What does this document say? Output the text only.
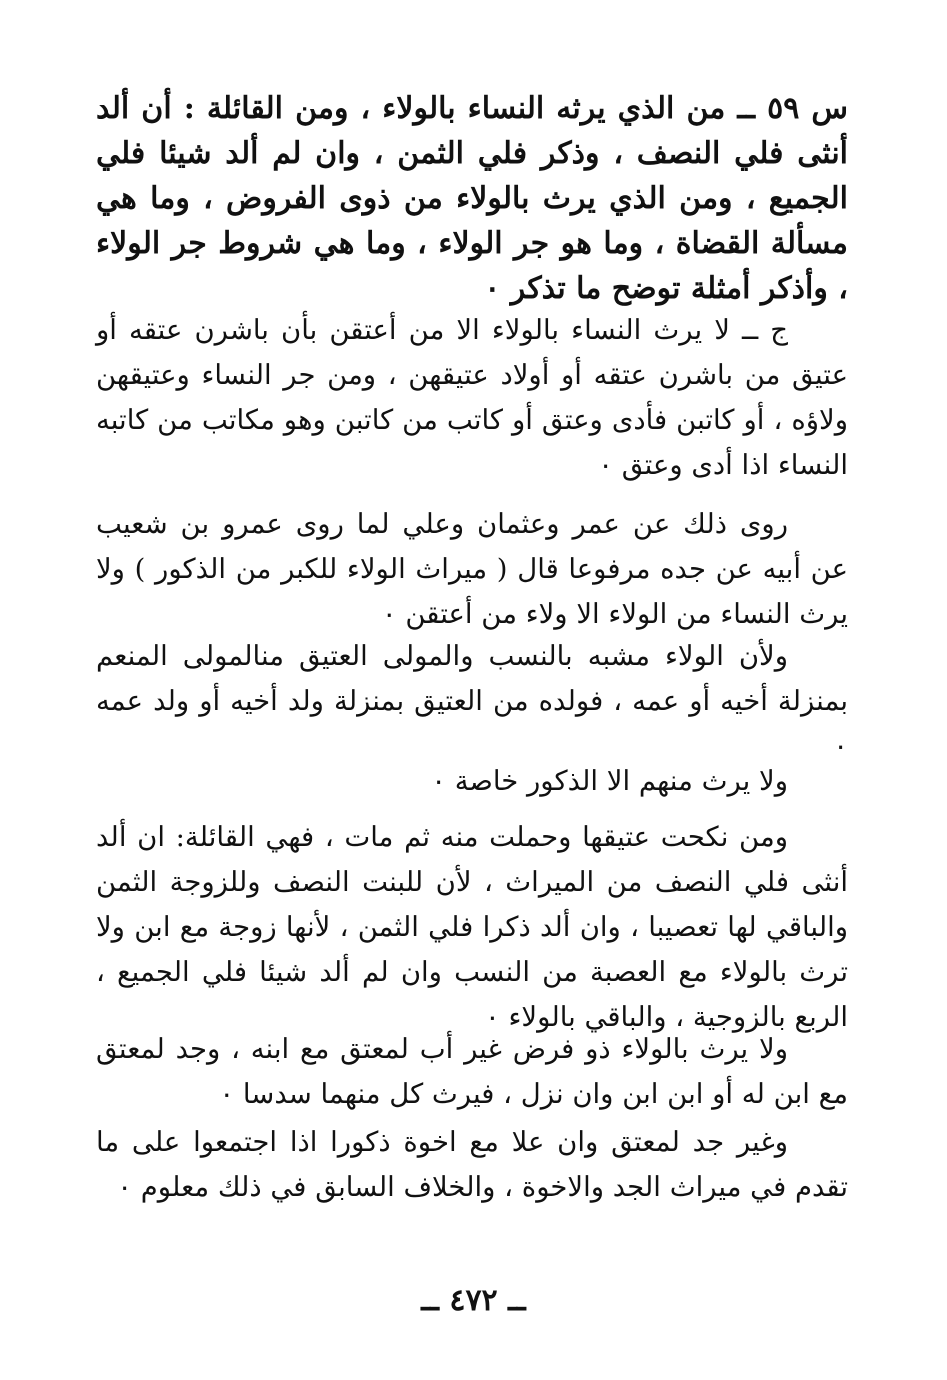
س ٥٩ ــ من الذي يرثه النساء بالولاء ، ومن القائلة : أن ألد أنثى فلي النصف ، وذكر فلي الثمن ، وان لم ألد شيئا فلي الجميع ، ومن الذي يرث بالولاء من ذوى الفروض ، وما هي مسألة القضاة ، وما هو جر الولاء ، وما هي شروط جر الولاء ، وأذكر أمثلة توضح ما تذكر ٠
ج ــ لا يرث النساء بالولاء الا من أعتقن بأن باشرن عتقه أو عتيق من باشرن عتقه أو أولاد عتيقهن ، ومن جر النساء وعتيقهن ولاؤه ، أو كاتبن فأدى وعتق أو كاتب من كاتبن وهو مكاتب من كاتبه النساء اذا أدى وعتق ٠
روى ذلك عن عمر وعثمان وعلي لما روى عمرو بن شعيب عن أبيه عن جده مرفوعا قال ( ميراث الولاء للكبر من الذكور ) ولا يرث النساء من الولاء الا ولاء من أعتقن ٠
ولأن الولاء مشبه بالنسب والمولى العتيق منالمولى المنعم بمنزلة أخيه أو عمه ، فولده من العتيق بمنزلة ولد أخيه أو ولد عمه ٠
ولا يرث منهم الا الذكور خاصة ٠
ومن نكحت عتيقها وحملت منه ثم مات ، فهي القائلة: ان ألد أنثى فلي النصف من الميراث ، لأن للبنت النصف وللزوجة الثمن والباقي لها تعصيبا ، وان ألد ذكرا فلي الثمن ، لأنها زوجة مع ابن ولا ترث بالولاء مع العصبة من النسب وان لم ألد شيئا فلي الجميع ، الربع بالزوجية ، والباقي بالولاء ٠
ولا يرث بالولاء ذو فرض غير أب لمعتق مع ابنه ، وجد لمعتق مع ابن له أو ابن ابن وان نزل ، فيرث كل منهما سدسا ٠
وغير جد لمعتق وان علا مع اخوة ذكورا اذا اجتمعوا على ما تقدم في ميراث الجد والاخوة ، والخلاف السابق في ذلك معلوم ٠
ــ ٤٧٢ ــ
